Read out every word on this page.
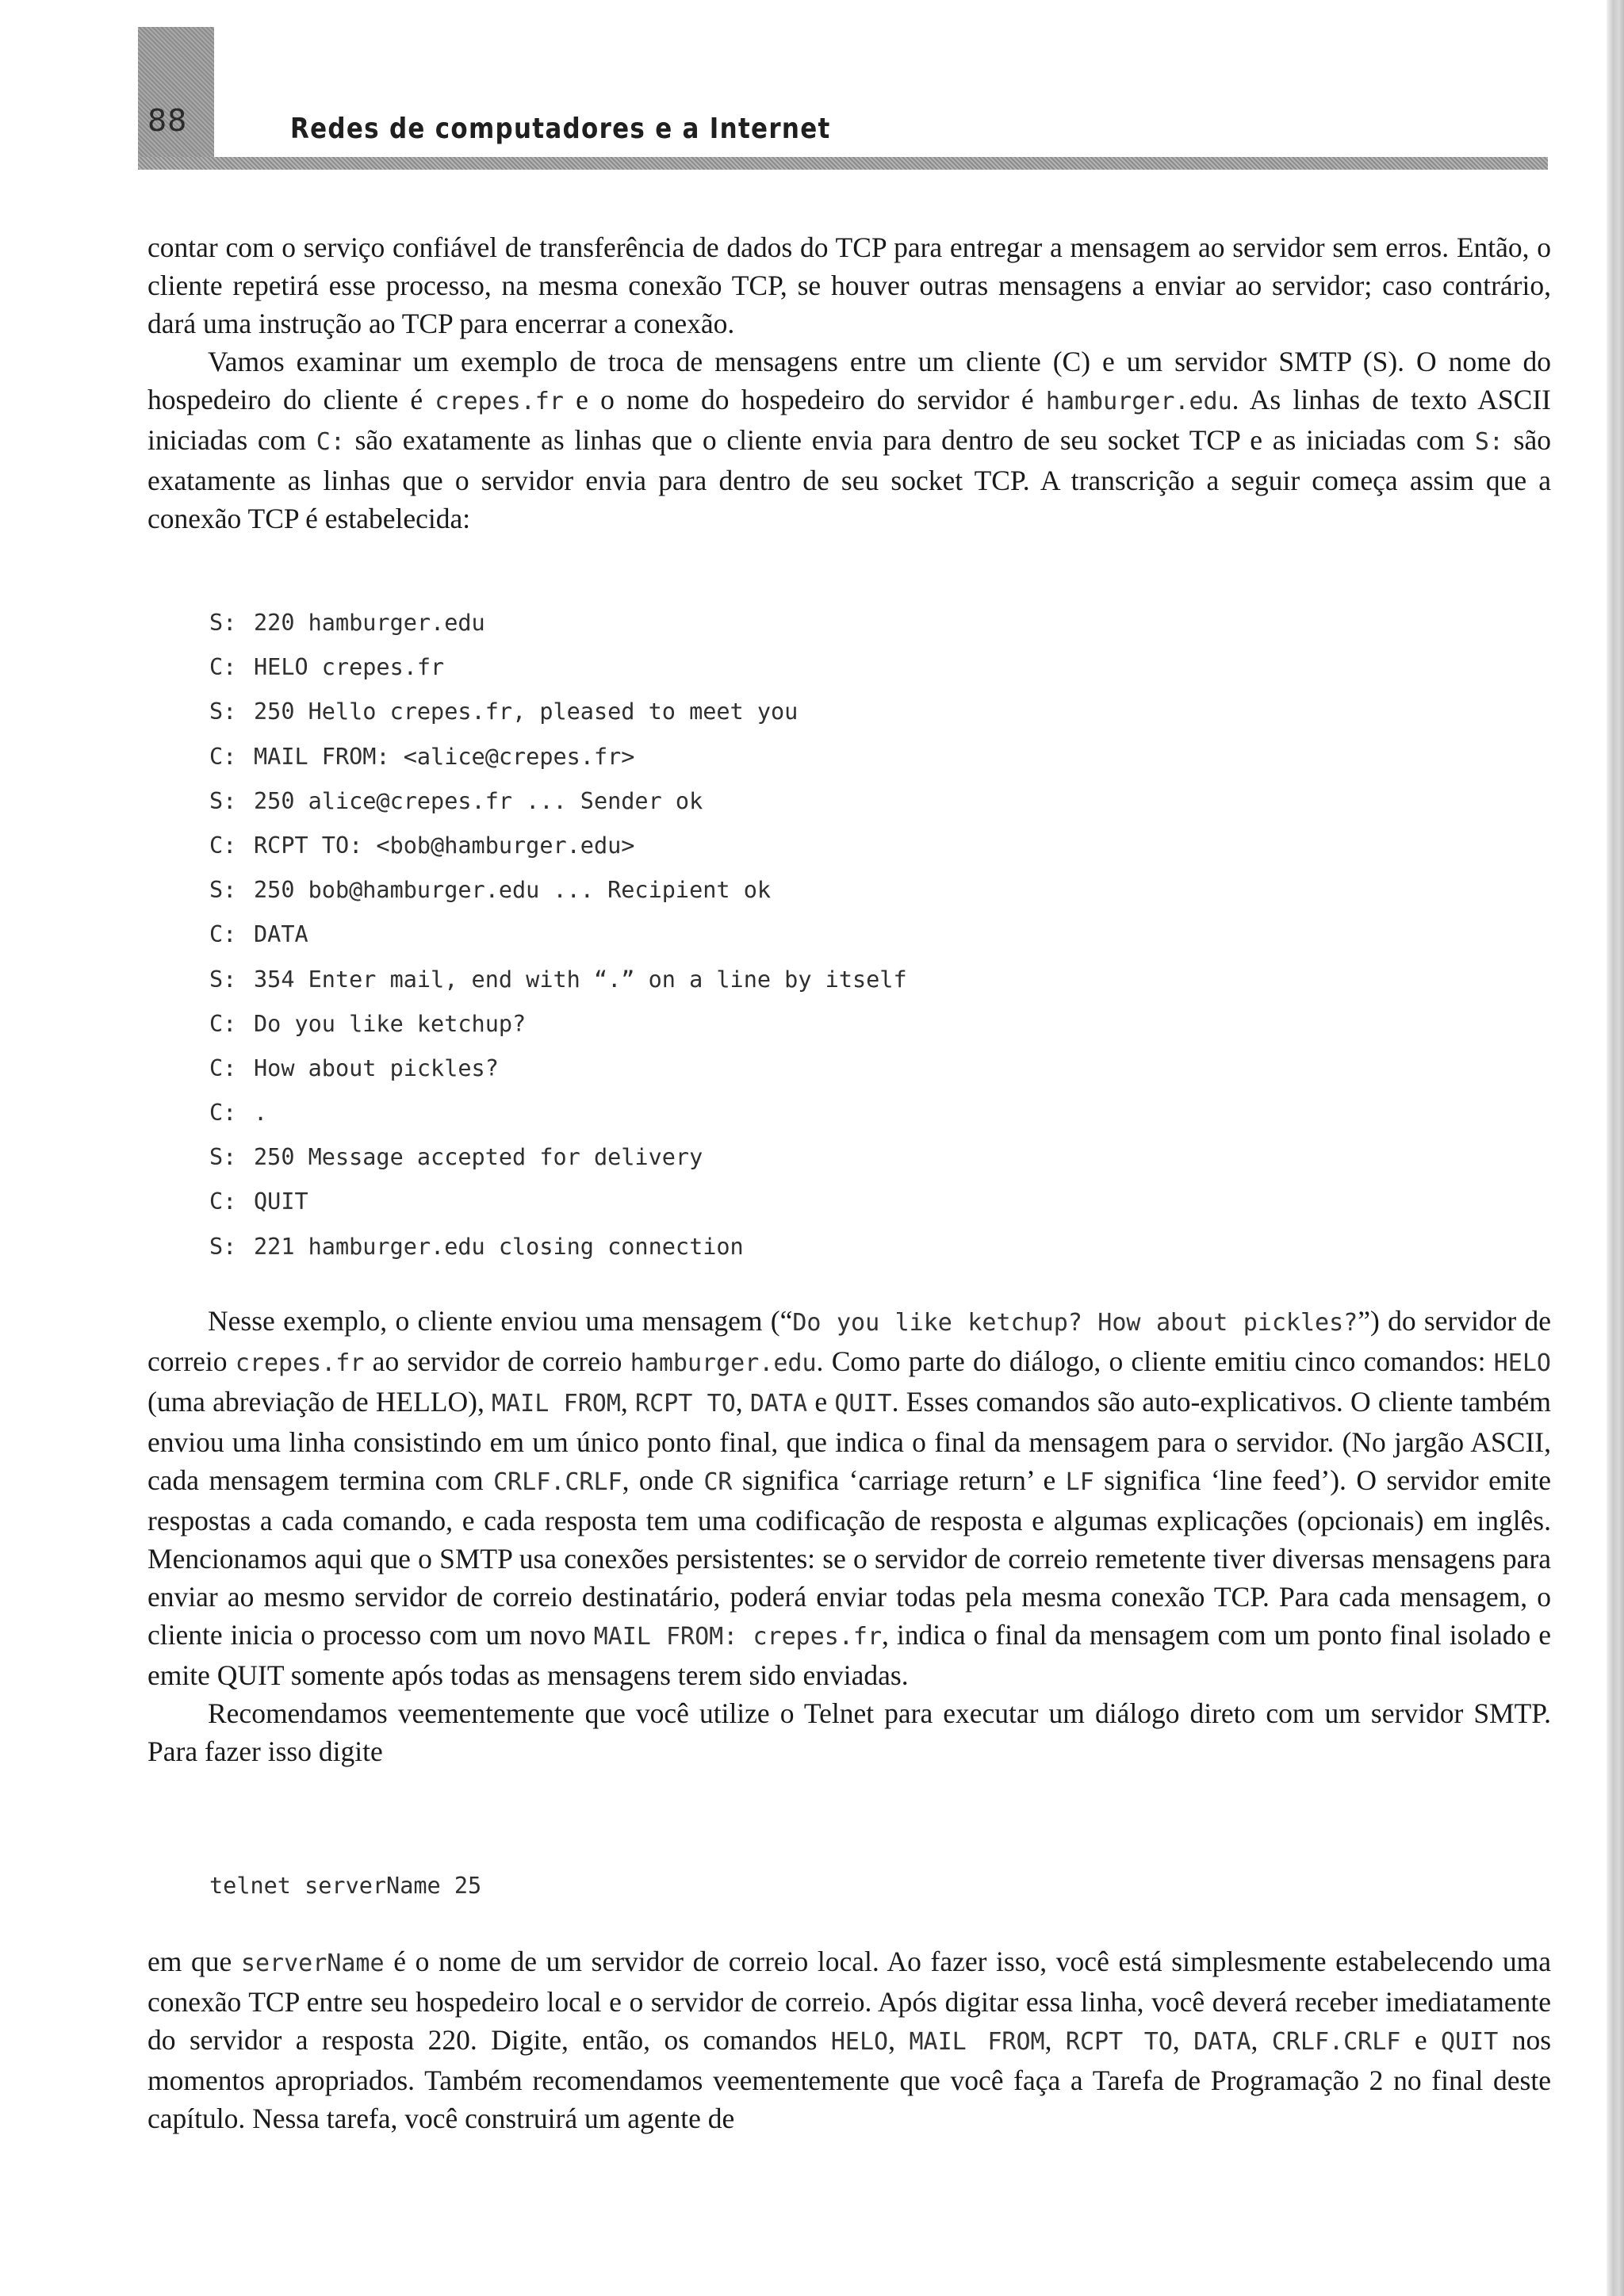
88	Redes de computadores e a Internet

contar com o serviço confiável de transferência de dados do TCP para entregar a mensagem ao servidor sem erros. Então, o cliente repetirá esse processo, na mesma conexão TCP, se houver outras mensagens a enviar ao servidor; caso contrário, dará uma instrução ao TCP para encerrar a conexão.

Vamos examinar um exemplo de troca de mensagens entre um cliente (C) e um servidor SMTP (S). O nome do hospedeiro do cliente é crepes.fr e o nome do hospedeiro do servidor é hamburger.edu. As linhas de texto ASCII iniciadas com C: são exatamente as linhas que o cliente envia para dentro de seu socket TCP e as iniciadas com S: são exatamente as linhas que o servidor envia para dentro de seu socket TCP. A transcrição a seguir começa assim que a conexão TCP é estabelecida:

S: 220 hamburger.edu
C: HELO crepes.fr
S: 250 Hello crepes.fr, pleased to meet you
C: MAIL FROM: <alice@crepes.fr>
S: 250 alice@crepes.fr ... Sender ok
C: RCPT TO: <bob@hamburger.edu>
S: 250 bob@hamburger.edu ... Recipient ok
C: DATA
S: 354 Enter mail, end with “.” on a line by itself
C: Do you like ketchup?
C: How about pickles?
C: .
S: 250 Message accepted for delivery
C: QUIT
S: 221 hamburger.edu closing connection

Nesse exemplo, o cliente enviou uma mensagem (“Do you like ketchup? How about pickles?”) do servidor de correio crepes.fr ao servidor de correio hamburger.edu. Como parte do diálogo, o cliente emitiu cinco comandos: HELO (uma abreviação de HELLO), MAIL FROM, RCPT TO, DATA e QUIT. Esses comandos são auto-explicativos. O cliente também enviou uma linha consistindo em um único ponto final, que indica o final da mensagem para o servidor. (No jargão ASCII, cada mensagem termina com CRLF.CRLF, onde CR significa ‘carriage return’ e LF significa ‘line feed’). O servidor emite respostas a cada comando, e cada resposta tem uma codificação de resposta e algumas explicações (opcionais) em inglês. Mencionamos aqui que o SMTP usa conexões persistentes: se o servidor de correio remetente tiver diversas mensagens para enviar ao mesmo servidor de correio destinatário, poderá enviar todas pela mesma conexão TCP. Para cada mensagem, o cliente inicia o processo com um novo MAIL FROM: crepes.fr, indica o final da mensagem com um ponto final isolado e emite QUIT somente após todas as mensagens terem sido enviadas.

Recomendamos veementemente que você utilize o Telnet para executar um diálogo direto com um servidor SMTP. Para fazer isso digite

telnet serverName 25

em que serverName é o nome de um servidor de correio local. Ao fazer isso, você está simplesmente estabelecendo uma conexão TCP entre seu hospedeiro local e o servidor de correio. Após digitar essa linha, você deverá receber imediatamente do servidor a resposta 220. Digite, então, os comandos HELO, MAIL FROM, RCPT TO, DATA, CRLF.CRLF e QUIT nos momentos apropriados. Também recomendamos veementemente que você faça a Tarefa de Programação 2 no final deste capítulo. Nessa tarefa, você construirá um agente de
